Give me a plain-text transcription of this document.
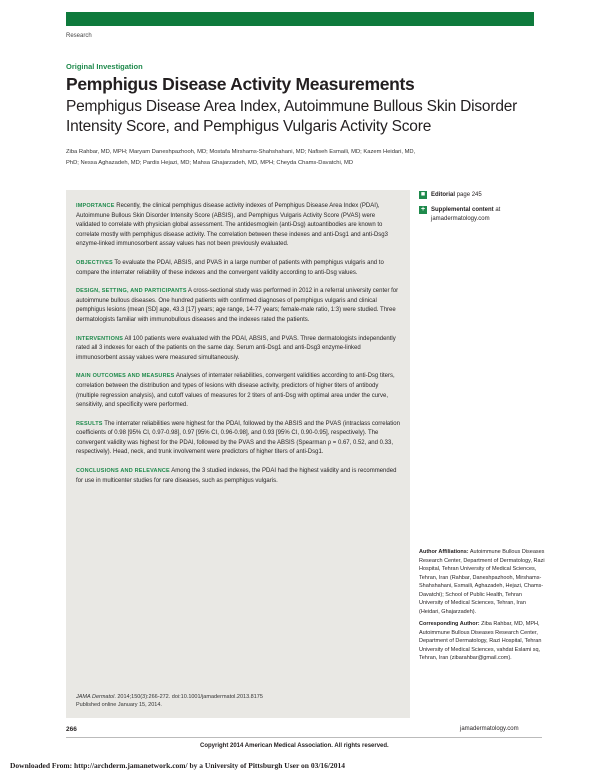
Research
Original Investigation
Pemphigus Disease Activity Measurements
Pemphigus Disease Area Index, Autoimmune Bullous Skin Disorder Intensity Score, and Pemphigus Vulgaris Activity Score
Ziba Rahbar, MD, MPH; Maryam Daneshpazhooh, MD; Mostafa Mirshams-Shahshahani, MD; Nafiseh Esmaili, MD; Kazem Heidari, MD, PhD; Nessa Aghazadeh, MD; Pardis Hejazi, MD; Mahsa Ghajarzadeh, MD, MPH; Cheyda Chams-Davatchi, MD

IMPORTANCE Recently, the clinical pemphigus disease activity indexes of Pemphigus Disease Area Index (PDAI), Autoimmune Bullous Skin Disorder Intensity Score (ABSIS), and Pemphigus Vulgaris Activity Score (PVAS) were validated to correlate with physician global assessment. The antidesmoglein (anti-Dsg) autoantibodies are known to correlate mostly with pemphigus disease activity. The correlation between these indexes and anti-Dsg1 and anti-Dsg3 enzyme-linked immunosorbent assay values has not been previously evaluated.

OBJECTIVES To evaluate the PDAI, ABSIS, and PVAS in a large number of patients with pemphigus vulgaris and to compare the interrater reliability of these indexes and the convergent validity according to anti-Dsg values.

DESIGN, SETTING, AND PARTICIPANTS A cross-sectional study was performed in 2012 in a referral university center for autoimmune bullous diseases. One hundred patients with confirmed diagnoses of pemphigus vulgaris and clinical pemphigus lesions (mean [SD] age, 43.3 [17] years; age range, 14-77 years; female-male ratio, 1:3) were studied. Three dermatologists familiar with immunobullous diseases and the indexes rated the patients.

INTERVENTIONS All 100 patients were evaluated with the PDAI, ABSIS, and PVAS. Three dermatologists independently rated all 3 indexes for each of the patients on the same day. Serum anti-Dsg1 and anti-Dsg3 enzyme-linked immunosorbent assay values were measured simultaneously.

MAIN OUTCOMES AND MEASURES Analyses of interrater reliabilities, convergent validities according to anti-Dsg titers, correlation between the distribution and types of lesions with disease activity, predictors of higher titers of antibody (multiple regression analysis), and cutoff values of measures for 2 titers of anti-Dsg with optimal area under the curve, sensitivity, and specificity were performed.

RESULTS The interrater reliabilities were highest for the PDAI, followed by the ABSIS and the PVAS (intraclass correlation coefficients of 0.98 [95% CI, 0.97-0.98], 0.97 [95% CI, 0.96-0.98], and 0.93 [95% CI, 0.90-0.95], respectively). The convergent validity was highest for the PDAI, followed by the PVAS and the ABSIS (Spearman ρ = 0.67, 0.52, and 0.33, respectively). Head, neck, and trunk involvement were predictors of higher titers of anti-Dsg1.

CONCLUSIONS AND RELEVANCE Among the 3 studied indexes, the PDAI had the highest validity and is recommended for use in multicenter studies for rare diseases, such as pemphigus vulgaris.

JAMA Dermatol. 2014;150(3):266-272. doi:10.1001/jamadermatol.2013.8175
Published online January 15, 2014.
■ Editorial page 245
+ Supplemental content at jamadermatology.com

Author Affiliations: Autoimmune Bullous Diseases Research Center, Department of Dermatology, Razi Hospital, Tehran University of Medical Sciences, Tehran, Iran (Rahbar, Daneshpazhooh, Mirshams-Shahshahani, Esmaili, Aghazadeh, Hejazi, Chams-Davatchi); School of Public Health, Tehran University of Medical Sciences, Tehran, Iran (Heidari, Ghajarzadeh).

Corresponding Author: Ziba Rahbar, MD, MPH, Autoimmune Bullous Diseases Research Center, Department of Dermatology, Razi Hospital, Tehran University of Medical Sciences, vahdat Eslami sq, Tehran, Iran (zibarahbar@gmail.com).

266	jamadermatology.com
Copyright 2014 American Medical Association. All rights reserved.
Downloaded From: http://archderm.jamanetwork.com/ by a University of Pittsburgh User on 03/16/2014
